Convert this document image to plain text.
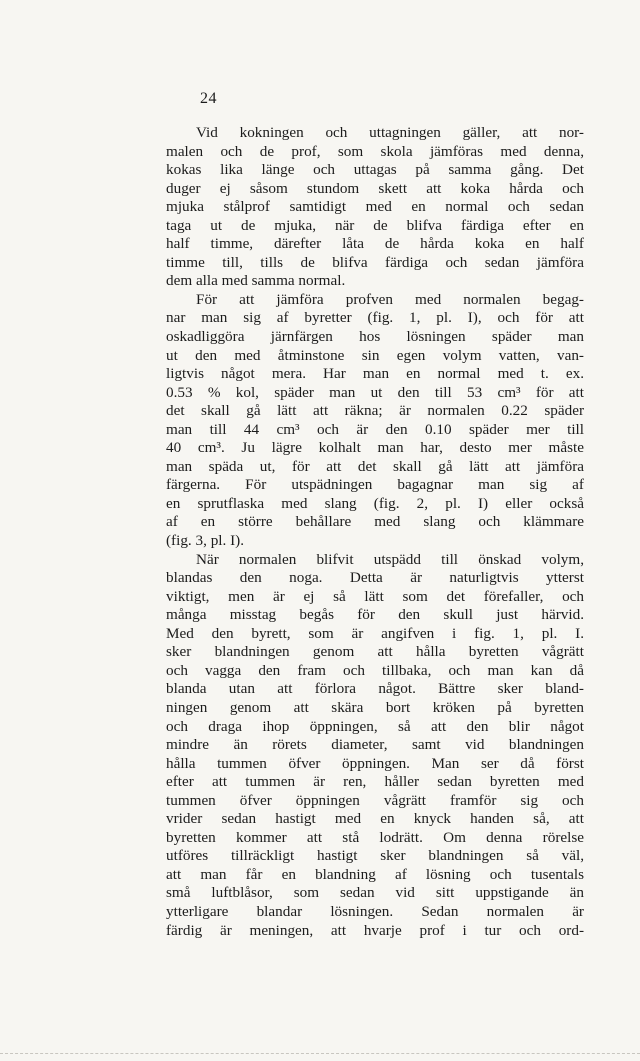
24
Vid kokningen och uttagningen gäller, att nor-
malen och de prof, som skola jämföras med denna,
kokas lika länge och uttagas på samma gång. Det
duger ej såsom stundom skett att koka hårda och
mjuka stålprof samtidigt med en normal och sedan
taga ut de mjuka, när de blifva färdiga efter en
half timme, därefter låta de hårda koka en half
timme till, tills de blifva färdiga och sedan jämföra
dem alla med samma normal.
För att jämföra profven med normalen begag-
nar man sig af byretter (fig. 1, pl. I), och för att
oskadliggöra järnfärgen hos lösningen späder man
ut den med åtminstone sin egen volym vatten, van-
ligtvis något mera. Har man en normal med t. ex.
0.53 % kol, späder man ut den till 53 cm³ för att
det skall gå lätt att räkna; är normalen 0.22 späder
man till 44 cm³ och är den 0.10 späder mer till
40 cm³. Ju lägre kolhalt man har, desto mer måste
man späda ut, för att det skall gå lätt att jämföra
färgerna. För utspädningen bagagnar man sig af
en sprutflaska med slang (fig. 2, pl. I) eller också
af en större behållare med slang och klämmare
(fig. 3, pl. I).
När normalen blifvit utspädd till önskad volym,
blandas den noga. Detta är naturligtvis ytterst
viktigt, men är ej så lätt som det förefaller, och
många misstag begås för den skull just härvid.
Med den byrett, som är angifven i fig. 1, pl. I.
sker blandningen genom att hålla byretten vågrätt
och vagga den fram och tillbaka, och man kan då
blanda utan att förlora något. Bättre sker bland-
ningen genom att skära bort kröken på byretten
och draga ihop öppningen, så att den blir något
mindre än rörets diameter, samt vid blandningen
hålla tummen öfver öppningen. Man ser då först
efter att tummen är ren, håller sedan byretten med
tummen öfver öppningen vågrätt framför sig och
vrider sedan hastigt med en knyck handen så, att
byretten kommer att stå lodrätt. Om denna rörelse
utföres tillräckligt hastigt sker blandningen så väl,
att man får en blandning af lösning och tusentals
små luftblåsor, som sedan vid sitt uppstigande än
ytterligare blandar lösningen. Sedan normalen är
färdig är meningen, att hvarje prof i tur och ord-
